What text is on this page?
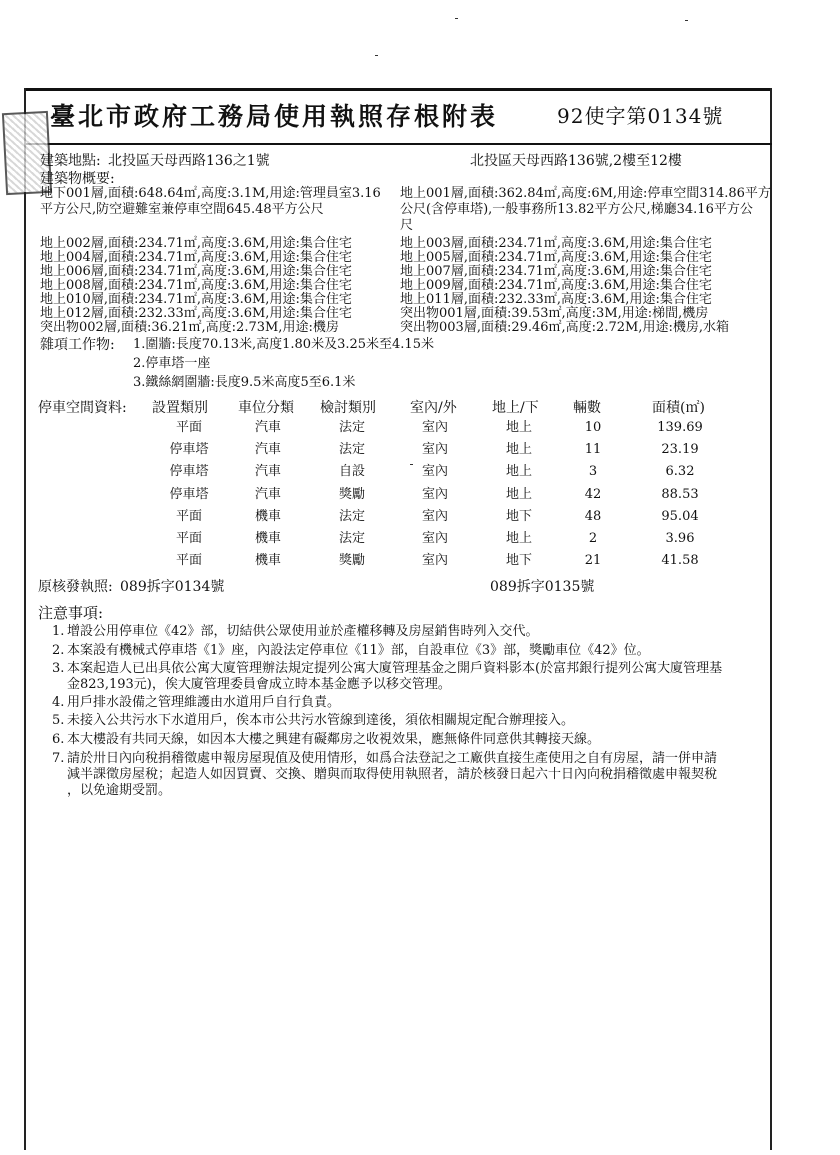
臺北市政府工務局使用執照存根附表	92使字第0134號
建築地點: 北投區天母西路136之1號	北投區天母西路136號,2樓至12樓
建築物概要:
地下001層,面積:648.64㎡,高度:3.1M,用途:管理員室3.16
平方公尺,防空避難室兼停車空間645.48平方公尺
地上002層,面積:234.71㎡,高度:3.6M,用途:集合住宅
地上004層,面積:234.71㎡,高度:3.6M,用途:集合住宅
地上006層,面積:234.71㎡,高度:3.6M,用途:集合住宅
地上008層,面積:234.71㎡,高度:3.6M,用途:集合住宅
地上010層,面積:234.71㎡,高度:3.6M,用途:集合住宅
地上012層,面積:232.33㎡,高度:3.6M,用途:集合住宅
突出物002層,面積:36.21㎡,高度:2.73M,用途:機房
地上001層,面積:362.84㎡,高度:6M,用途:停車空間314.86平方
公尺(含停車塔),一般事務所13.82平方公尺,梯廳34.16平方公
尺
地上003層,面積:234.71㎡,高度:3.6M,用途:集合住宅
地上005層,面積:234.71㎡,高度:3.6M,用途:集合住宅
地上007層,面積:234.71㎡,高度:3.6M,用途:集合住宅
地上009層,面積:234.71㎡,高度:3.6M,用途:集合住宅
地上011層,面積:232.33㎡,高度:3.6M,用途:集合住宅
突出物001層,面積:39.53㎡,高度:3M,用途:梯間,機房
突出物003層,面積:29.46㎡,高度:2.72M,用途:機房,水箱
雜項工作物: 1.圍牆:長度70.13米,高度1.80米及3.25米至4.15米
2.停車塔一座
3.鐵絲網圍牆:長度9.5米高度5至6.1米
停車空間資料: 設置類別 車位分類 檢討類別 室內/外	地上/下 輛數	面積(㎡)
平面	汽車	法定	室內	地上	10	139.69
停車塔	汽車	法定	室內	地上	11	23.19
停車塔	汽車	自設	室內	地上	3	6.32
停車塔	汽車	獎勵	室內	地上	42	88.53
平面	機車	法定	室內	地下	48	95.04
平面	機車	法定	室內	地上	2	3.96
平面	機車	獎勵	室內	地下	21	41.58
原核發執照: 089拆字0134號	089拆字0135號
注意事項:
1. 增設公用停車位《42》部，切結供公眾使用並於產權移轉及房屋銷售時列入交代。
2. 本案設有機械式停車塔《1》座，內設法定停車位《11》部，自設車位《3》部，獎勵車位《42》位。
3. 本案起造人已出具依公寓大廈管理辦法規定提列公寓大廈管理基金之開戶資料影本(於富邦銀行提列公寓大廈管理基
金823,193元)，俟大廈管理委員會成立時本基金應予以移交管理。
4. 用戶排水設備之管理維護由水道用戶自行負責。
5. 未接入公共污水下水道用戶，俟本市公共污水管線到達後，須依相關規定配合辦理接入。
6. 本大樓設有共同天線，如因本大樓之興建有礙鄰房之收視效果，應無條件同意供其轉接天線。
7. 請於卅日內向稅捐稽徵處申報房屋現值及使用情形，如爲合法登記之工廠供直接生產使用之自有房屋，請一併申請
減半課徵房屋稅；起造人如因買賣、交換、贈與而取得使用執照者，請於核發日起六十日內向稅捐稽徵處申報契稅
，以免逾期受罰。
